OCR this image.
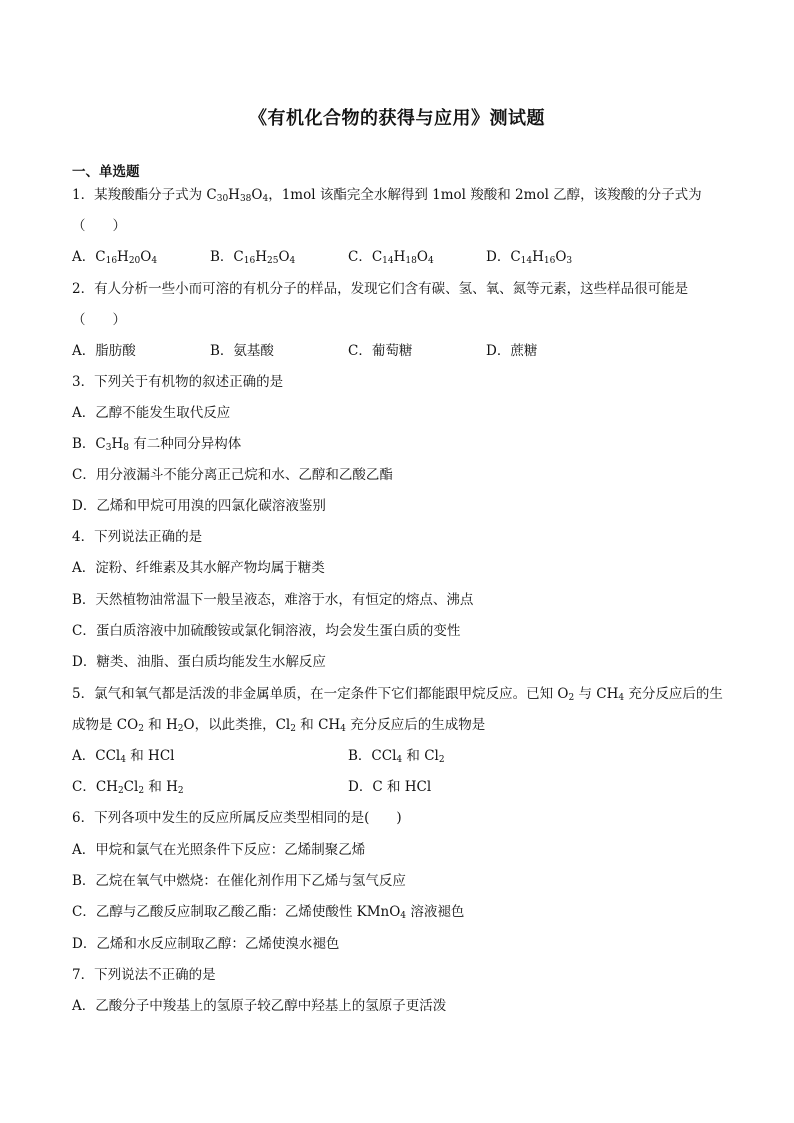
《有机化合物的获得与应用》测试题
一、单选题
1．某羧酸酯分子式为 $C_{30}H_{38}O_4$，1mol 该酯完全水解得到 1mol 羧酸和 2mol 乙醇，该羧酸的分子式为
（　　）
A．$C_{16}H_{20}O_4$	B．$C_{16}H_{25}O_4$	C．$C_{14}H_{18}O_4$	D．$C_{14}H_{16}O_3$
2．有人分析一些小而可溶的有机分子的样品，发现它们含有碳、氢、氧、氮等元素，这些样品很可能是
（　　）
A．脂肪酸	B．氨基酸	C．葡萄糖	D．蔗糖
3．下列关于有机物的叙述正确的是
A．乙醇不能发生取代反应
B．$C_3H_8$ 有二种同分异构体
C．用分液漏斗不能分离正己烷和水、乙醇和乙酸乙酯
D．乙烯和甲烷可用溴的四氯化碳溶液鉴别
4．下列说法正确的是
A．淀粉、纤维素及其水解产物均属于糖类
B．天然植物油常温下一般呈液态，难溶于水，有恒定的熔点、沸点
C．蛋白质溶液中加硫酸铵或氯化铜溶液，均会发生蛋白质的变性
D．糖类、油脂、蛋白质均能发生水解反应
5．氯气和氧气都是活泼的非金属单质，在一定条件下它们都能跟甲烷反应。已知 $O_2$ 与 $CH_4$ 充分反应后的生
成物是 $CO_2$ 和 $H_2O$，以此类推，$Cl_2$ 和 $CH_4$ 充分反应后的生成物是
A．CCl$_4$ 和 HCl	B．CCl$_4$ 和 $Cl_2$
C．$CH_2Cl_2$ 和 $H_2$	D．C 和 HCl
6．下列各项中发生的反应所属反应类型相同的是(　　)
A．甲烷和氯气在光照条件下反应：乙烯制聚乙烯
B．乙烷在氧气中燃烧：在催化剂作用下乙烯与氢气反应
C．乙醇与乙酸反应制取乙酸乙酯：乙烯使酸性 KMnO$_4$ 溶液褪色
D．乙烯和水反应制取乙醇：乙烯使溴水褪色
7．下列说法不正确的是
A．乙酸分子中羧基上的氢原子较乙醇中羟基上的氢原子更活泼
